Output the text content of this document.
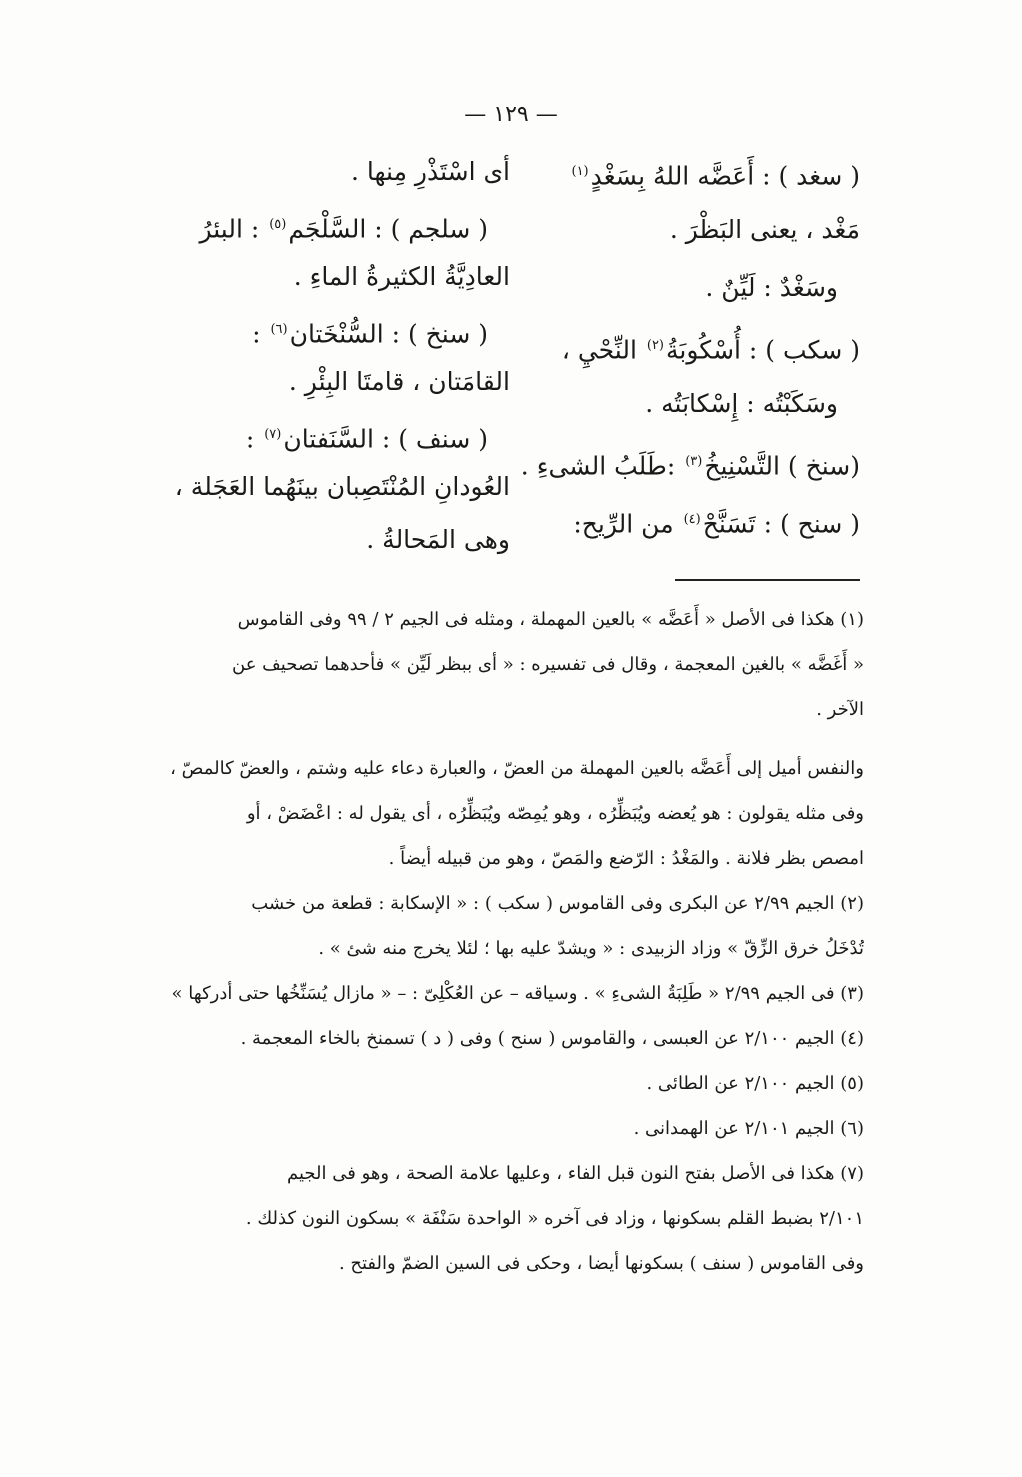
— ١٢٩ —
( سغد ) : أَعَضَّه اللهُ بِسَغْدٍ$^{(١)}$
مَغْد ، يعنى البَظْرَ .
وسَغْدٌ : لَيِّنٌ .
( سكب ) : أُسْكُوبَةُ$^{(٢)}$ النِّحْيِ ،
وسَكَبْتُه : إِسْكابَتُه .
(سنخ ) التَّسْنِيخُ$^{(٣)}$ :طَلَبُ الشىءِ .
( سنح ) : تَسَنَّحْ$^{(٤)}$ من الرِّيح:
أى اسْتَذْرِ مِنها .
( سلجم ) : السَّلْجَم$^{(٥)}$ : البئرُ
العادِيَّةُ الكثيرةُ الماءِ .
( سنخ ) : السُّنْخَتان$^{(٦)}$ :
القامَتان ، قامتَا البِئْرِ .
( سنف ) : السَّنَفتان$^{(٧)}$ :
العُودانِ المُنْتَصِبان بينَهُما العَجَلة ،
وهى المَحالةُ .
(١) هكذا فى الأصل « أَعَضَّه » بالعين المهملة ، ومثله فى الجيم ٢ / ٩٩ وفى القاموس
« أَغَضَّه » بالغين المعجمة ، وقال فى تفسيره : « أى ببظر لَيِّن » فأحدهما تصحيف عن
الآخر .
والنفس أميل إلى أَعَضَّه بالعين المهملة من العضّ ، والعبارة دعاء عليه وشتم ، والعضّ كالمصّ ،
وفى مثله يقولون : هو يُعضه ويُبَظِّرُه ، وهو يُمِصّه ويُبَظِّرُه ، أى يقول له : اعْضَضْ ، أو
امصص بظر فلانة . والمَغْدُ : الرّضع والمَصّ ، وهو من قبيله أيضاً .
(٢) الجيم ٢/٩٩ عن البكرى وفى القاموس ( سكب ) : « الإسكابة : قطعة من خشب
تُدْخَلُ خرق الزِّقّ » وزاد الزبيدى : « ويشدّ عليه بها ؛ لئلا يخرج منه شئ » .
(٣) فى الجيم ٢/٩٩ « طَلِبَةُ الشىءِ » . وسياقه – عن العُكْلِىّ : – « مازال يُسَنِّخُها حتى أدركها »
(٤) الجيم ٢/١٠٠ عن العبسى ، والقاموس ( سنح ) وفى ( د ) تسمنخ بالخاء المعجمة .
(٥) الجيم ٢/١٠٠ عن الطائى .
(٦) الجيم ٢/١٠١ عن الهمدانى .
(٧) هكذا فى الأصل بفتح النون قبل الفاء ، وعليها علامة الصحة ، وهو فى الجيم
٢/١٠١ بضبط القلم بسكونها ، وزاد فى آخره « الواحدة سَنْفَة » بسكون النون كذلك .
وفى القاموس ( سنف ) بسكونها أيضا ، وحكى فى السين الضمّ والفتح .
